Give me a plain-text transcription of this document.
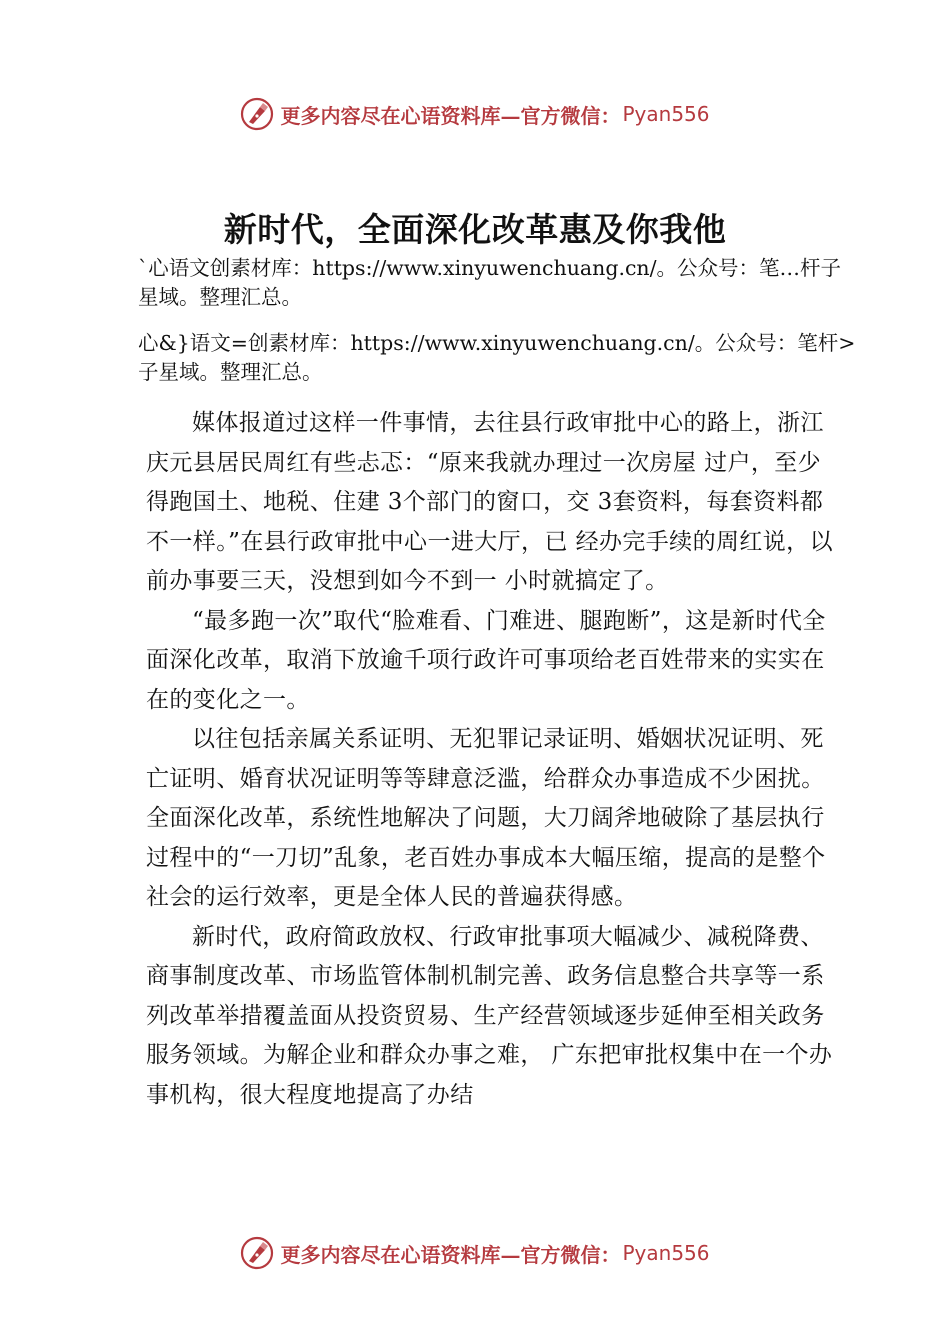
更多内容尽在心语资料库—官方微信： Pyan556
新时代，全面深化改革惠及你我他
`心语文创素材库：https://www.xinyuwenchuang.cn/。公众号：笔…杆子星域。整理汇总。
心&}语文=创素材库：https://www.xinyuwenchuang.cn/。公众号：笔杆>子星域。整理汇总。

媒体报道过这样一件事情，去往县行政审批中心的路上，浙江庆元县居民周红有些忐忑：“原来我就办理过一次房屋 过户，至少得跑国土、地税、住建 3个部门的窗口，交 3套资料，每套资料都不一样。”在县行政审批中心一进大厅，已 经办完手续的周红说，以前办事要三天，没想到如今不到一 小时就搞定了。

“最多跑一次”取代“脸难看、门难进、腿跑断”，这是新时代全面深化改革，取消下放逾千项行政许可事项给老百姓带来的实实在在的变化之一。

以往包括亲属关系证明、无犯罪记录证明、婚姻状况证明、死亡证明、婚育状况证明等等肆意泛滥，给群众办事造成不少困扰。全面深化改革，系统性地解决了问题，大刀阔斧地破除了基层执行过程中的“一刀切”乱象，老百姓办事成本大幅压缩，提高的是整个社会的运行效率，更是全体人民的普遍获得感。

新时代，政府简政放权、行政审批事项大幅减少、减税降费、商事制度改革、市场监管体制机制完善、政务信息整合共享等一系列改革举措覆盖面从投资贸易、生产经营领域逐步延伸至相关政务服务领域。为解企业和群众办事之难， 广东把审批权集中在一个办事机构，很大程度地提高了办结

更多内容尽在心语资料库—官方微信： Pyan556
